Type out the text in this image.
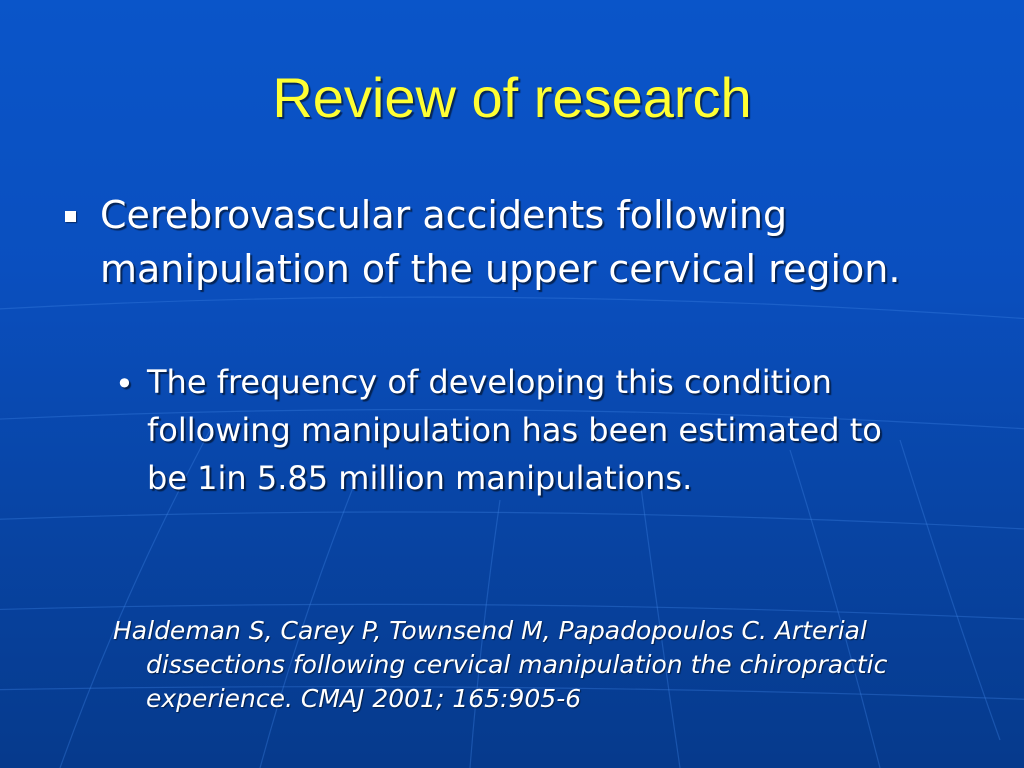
Review of research
Cerebrovascular accidents following manipulation of the upper cervical region.
• The frequency of developing this condition following manipulation has been estimated to be 1in 5.85 million manipulations.
Haldeman S, Carey P, Townsend M, Papadopoulos C. Arterial dissections following cervical manipulation the chiropractic experience. CMAJ 2001; 165:905-6
